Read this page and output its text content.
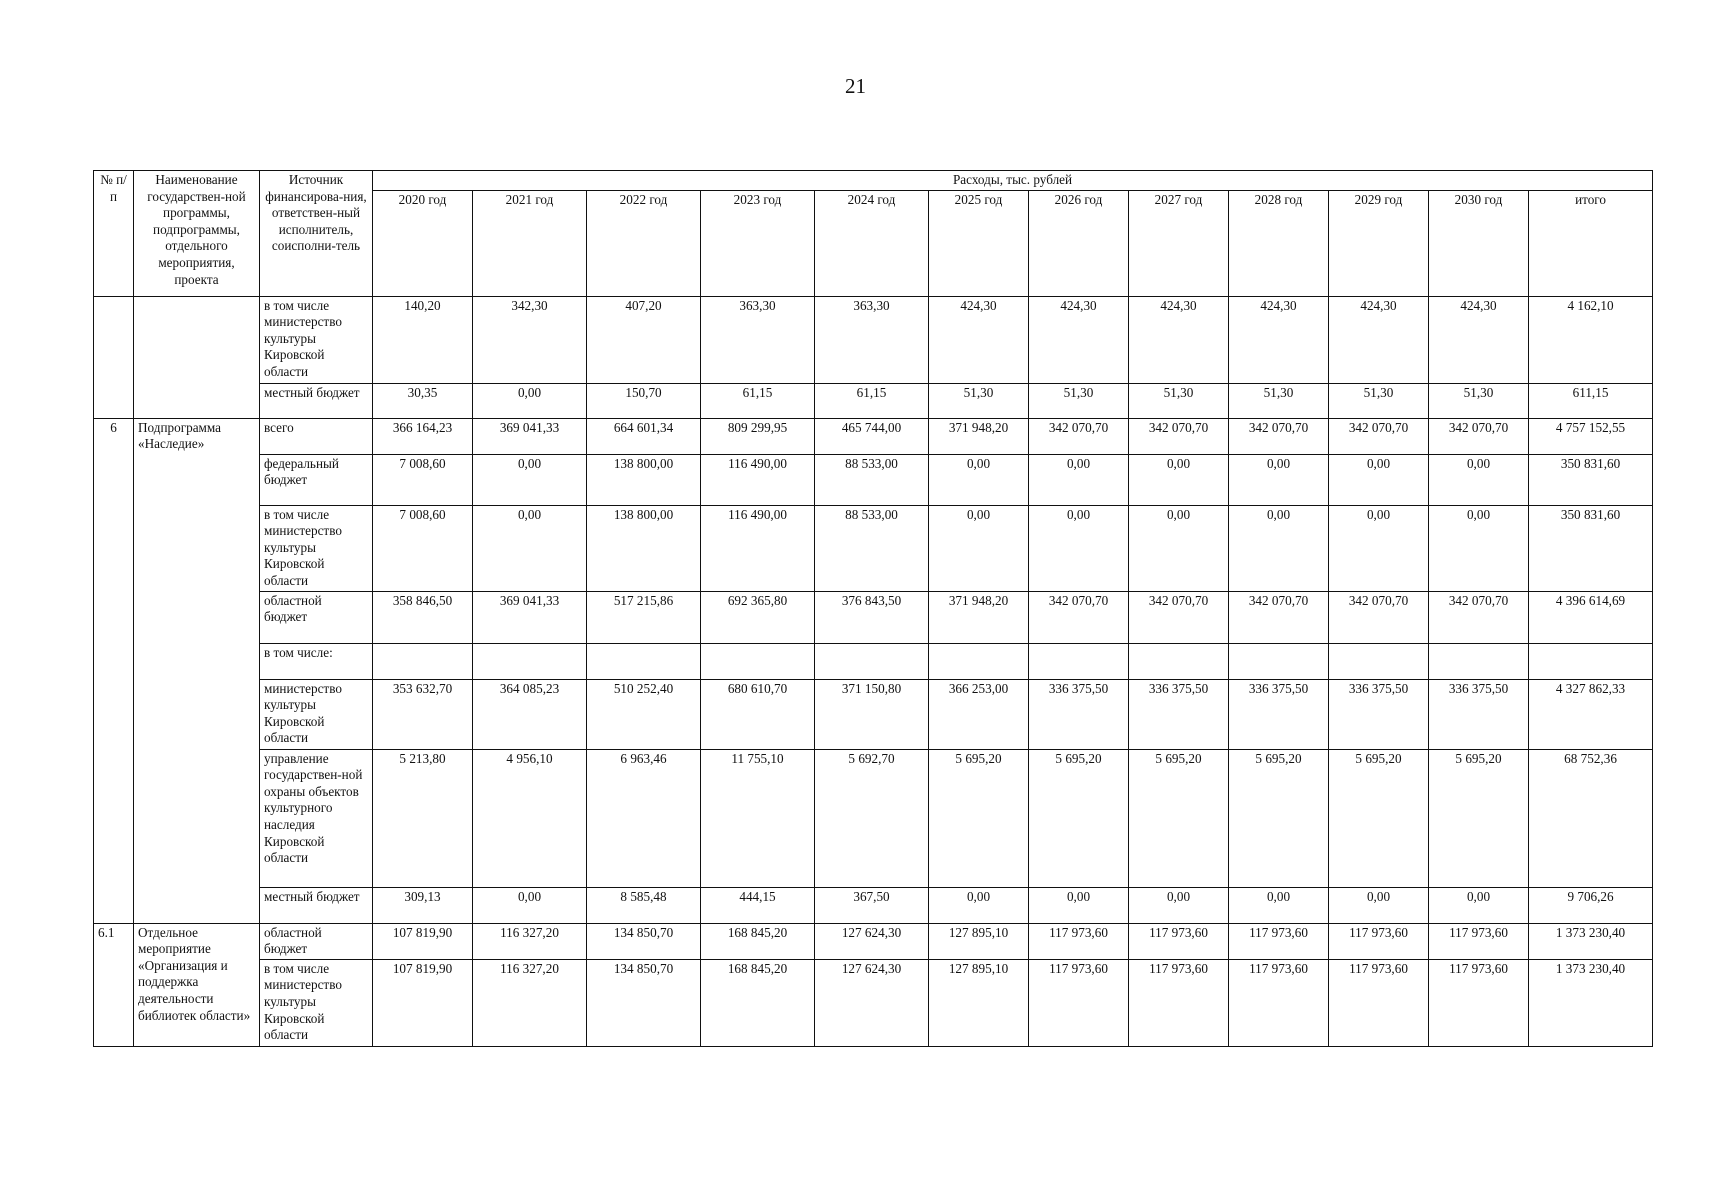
21
№ п/п	Наименование государствен-ной программы, подпрограммы, отдельного мероприятия, проекта	Источник финансирова-ния, ответствен-ный исполнитель, соисполни-тель	Расходы, тыс. рублей											
			2020 год	2021 год	2022 год	2023 год	2024 год	2025 год	2026 год	2027 год	2028 год	2029 год	2030 год	итого
		в том числе министерство культуры Кировской области	140,20	342,30	407,20	363,30	363,30	424,30	424,30	424,30	424,30	424,30	424,30	4 162,10
		местный бюджет	30,35	0,00	150,70	61,15	61,15	51,30	51,30	51,30	51,30	51,30	51,30	611,15
6	Подпрограмма «Наследие»	всего	366 164,23	369 041,33	664 601,34	809 299,95	465 744,00	371 948,20	342 070,70	342 070,70	342 070,70	342 070,70	342 070,70	4 757 152,55
		федеральный бюджет	7 008,60	0,00	138 800,00	116 490,00	88 533,00	0,00	0,00	0,00	0,00	0,00	0,00	350 831,60
		в том числе министерство культуры Кировской области	7 008,60	0,00	138 800,00	116 490,00	88 533,00	0,00	0,00	0,00	0,00	0,00	0,00	350 831,60
		областной бюджет	358 846,50	369 041,33	517 215,86	692 365,80	376 843,50	371 948,20	342 070,70	342 070,70	342 070,70	342 070,70	342 070,70	4 396 614,69
		в том числе:												
		министерство культуры Кировской области	353 632,70	364 085,23	510 252,40	680 610,70	371 150,80	366 253,00	336 375,50	336 375,50	336 375,50	336 375,50	336 375,50	4 327 862,33
		управление государствен-ной охраны объектов культурного наследия Кировской области	5 213,80	4 956,10	6 963,46	11 755,10	5 692,70	5 695,20	5 695,20	5 695,20	5 695,20	5 695,20	5 695,20	68 752,36
		местный бюджет	309,13	0,00	8 585,48	444,15	367,50	0,00	0,00	0,00	0,00	0,00	0,00	9 706,26
6.1	Отдельное мероприятие «Организация и поддержка деятельности библиотек области»	областной бюджет	107 819,90	116 327,20	134 850,70	168 845,20	127 624,30	127 895,10	117 973,60	117 973,60	117 973,60	117 973,60	117 973,60	1 373 230,40
		в том числе министерство культуры Кировской области	107 819,90	116 327,20	134 850,70	168 845,20	127 624,30	127 895,10	117 973,60	117 973,60	117 973,60	117 973,60	117 973,60	1 373 230,40
